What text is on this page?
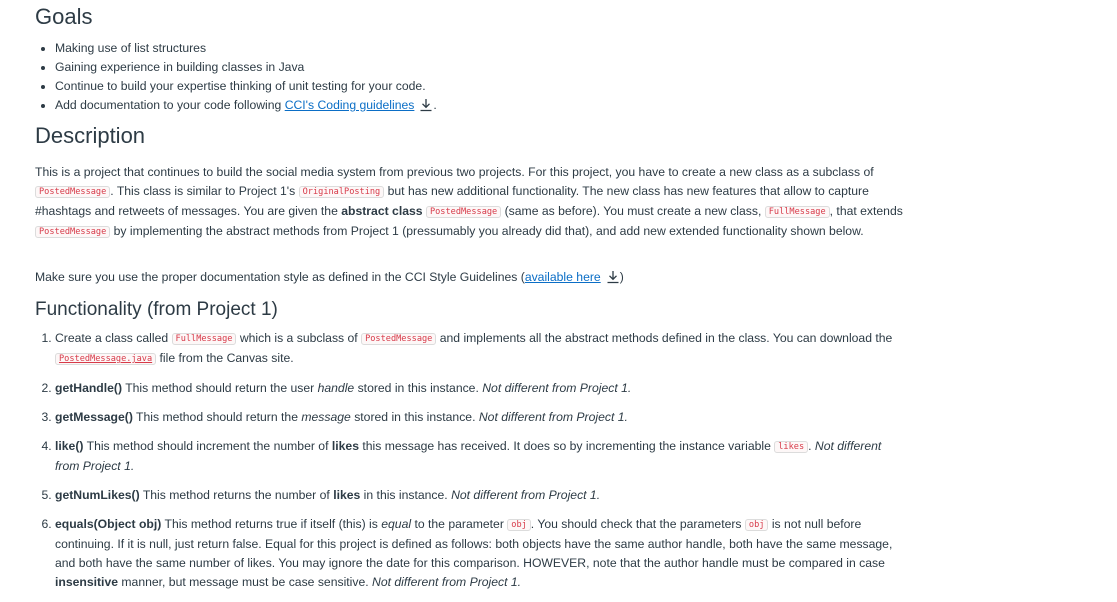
Goals
• Making use of list structures
• Gaining experience in building classes in Java
• Continue to build your expertise thinking of unit testing for your code.
• Add documentation to your code following CCI's Coding guidelines .
Description

This is a project that continues to build the social media system from previous two projects. For this project, you have to create a new class as a subclass of PostedMessage . This class is similar to Project 1's OriginalPosting but has new additional functionality. The new class has new features that allow to capture #hashtags and retweets of messages. You are given the abstract class PostedMessage (same as before). You must create a new class, FullMessage , that extends PostedMessage by implementing the abstract methods from Project 1 (pressumably you already did that), and add new extended functionality shown below.

Make sure you use the proper documentation style as defined in the CCI Style Guidelines (available here )

Functionality (from Project 1)
1. Create a class called FullMessage which is a subclass of PostedMessage and implements all the abstract methods defined in the class. You can download the PostedMessage.java file from the Canvas site.
2. getHandle() This method should return the user handle stored in this instance. Not different from Project 1.
3. getMessage() This method should return the message stored in this instance. Not different from Project 1.
4. like() This method should increment the number of likes this message has received. It does so by incrementing the instance variable likes . Not different from Project 1.
5. getNumLikes() This method returns the number of likes in this instance. Not different from Project 1.
6. equals(Object obj) This method returns true if itself (this) is equal to the parameter obj . You should check that the parameters obj is not null before continuing. If it is null, just return false. Equal for this project is defined as follows: both objects have the same author handle, both have the same message, and both have the same number of likes. You may ignore the date for this comparison. HOWEVER, note that the author handle must be compared in case insensitive manner, but message must be case sensitive. Not different from Project 1.
